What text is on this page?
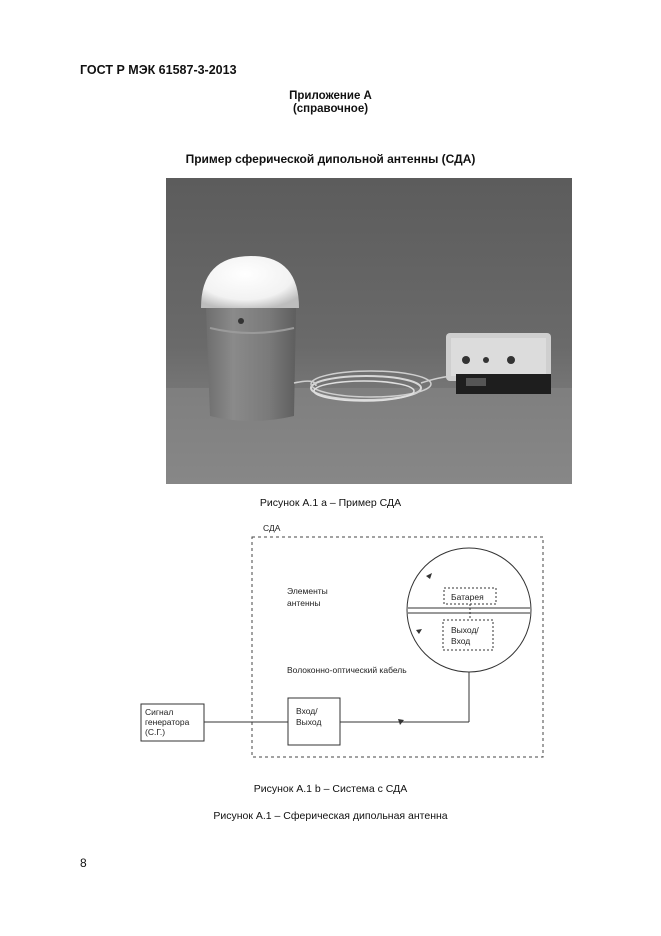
ГОСТ Р МЭК 61587-3-2013
Приложение А
(справочное)
Пример сферической дипольной антенны (СДА)
Рисунок А.1 а – Пример СДА
СДА
Батарея
Выход/
Вход
Элементы
антенны
Волоконно-оптический кабель
Вход/
Выход
Сигнал
генератора
(С.Г.)
Рисунок А.1 b – Система с СДА
Рисунок А.1 – Сферическая дипольная антенна
8
